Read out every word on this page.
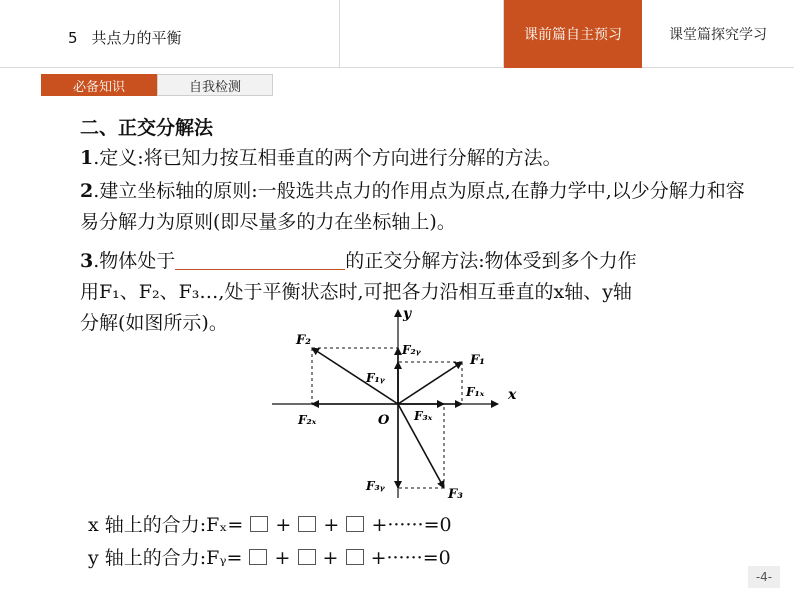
5 共点力的平衡	课前篇自主预习	课堂篇探究学习
必备知识	自我检测
二、正交分解法
1.定义:将已知力按互相垂直的两个方向进行分解的方法。
2.建立坐标轴的原则:一般选共点力的作用点为原点,在静力学中,以少分解力和容易分解力为原则(即尽量多的力在坐标轴上)。
3.物体处于	的正交分解方法:物体受到多个力作
用F₁、F₂、F₃…,处于平衡状态时,可把各力沿相互垂直的x轴、y轴
分解(如图所示)。	y
x
O
F₂
F₂ᵧ
F₁
F₁ᵧ
F₁ₓ
F₂ₓ	F₃ₓ
F₃ᵧ
F₃
x 轴上的合力:Fₓ= + + +······=0
y 轴上的合力:Fᵧ= + + +······=0
-4-
